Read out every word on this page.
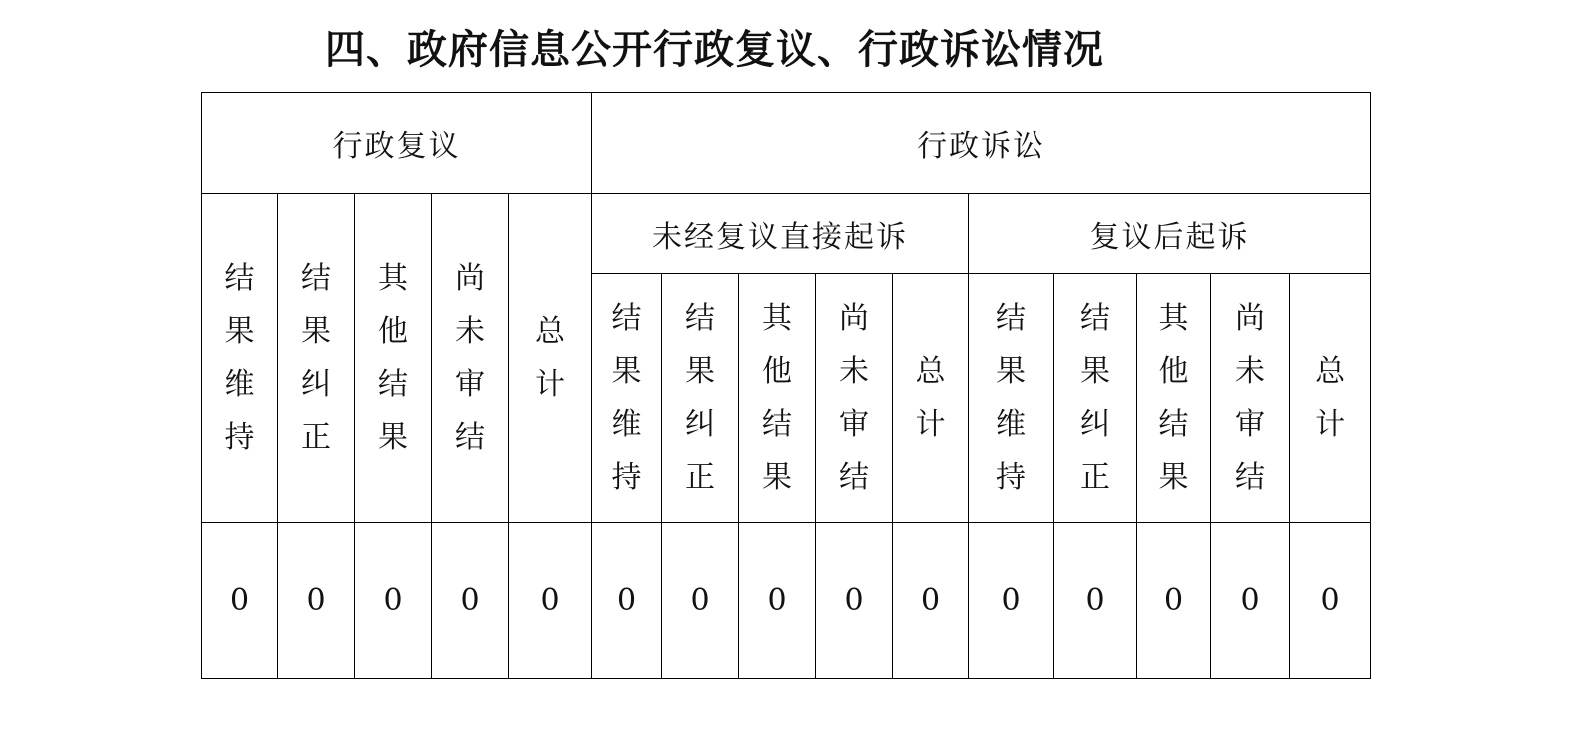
四、政府信息公开行政复议、行政诉讼情况
行政复议					行政诉讼									

结果维持	结果纠正	其他结果	尚未审结	总计	未经复议直接起诉					复议后起诉				
					结果维持	结果纠正	其他结果	尚未审结	总计	结果维持	结果纠正	其他结果	尚未审结	总计
0	0	0	0	0	0	0	0	0	0	0	0	0	0	0
